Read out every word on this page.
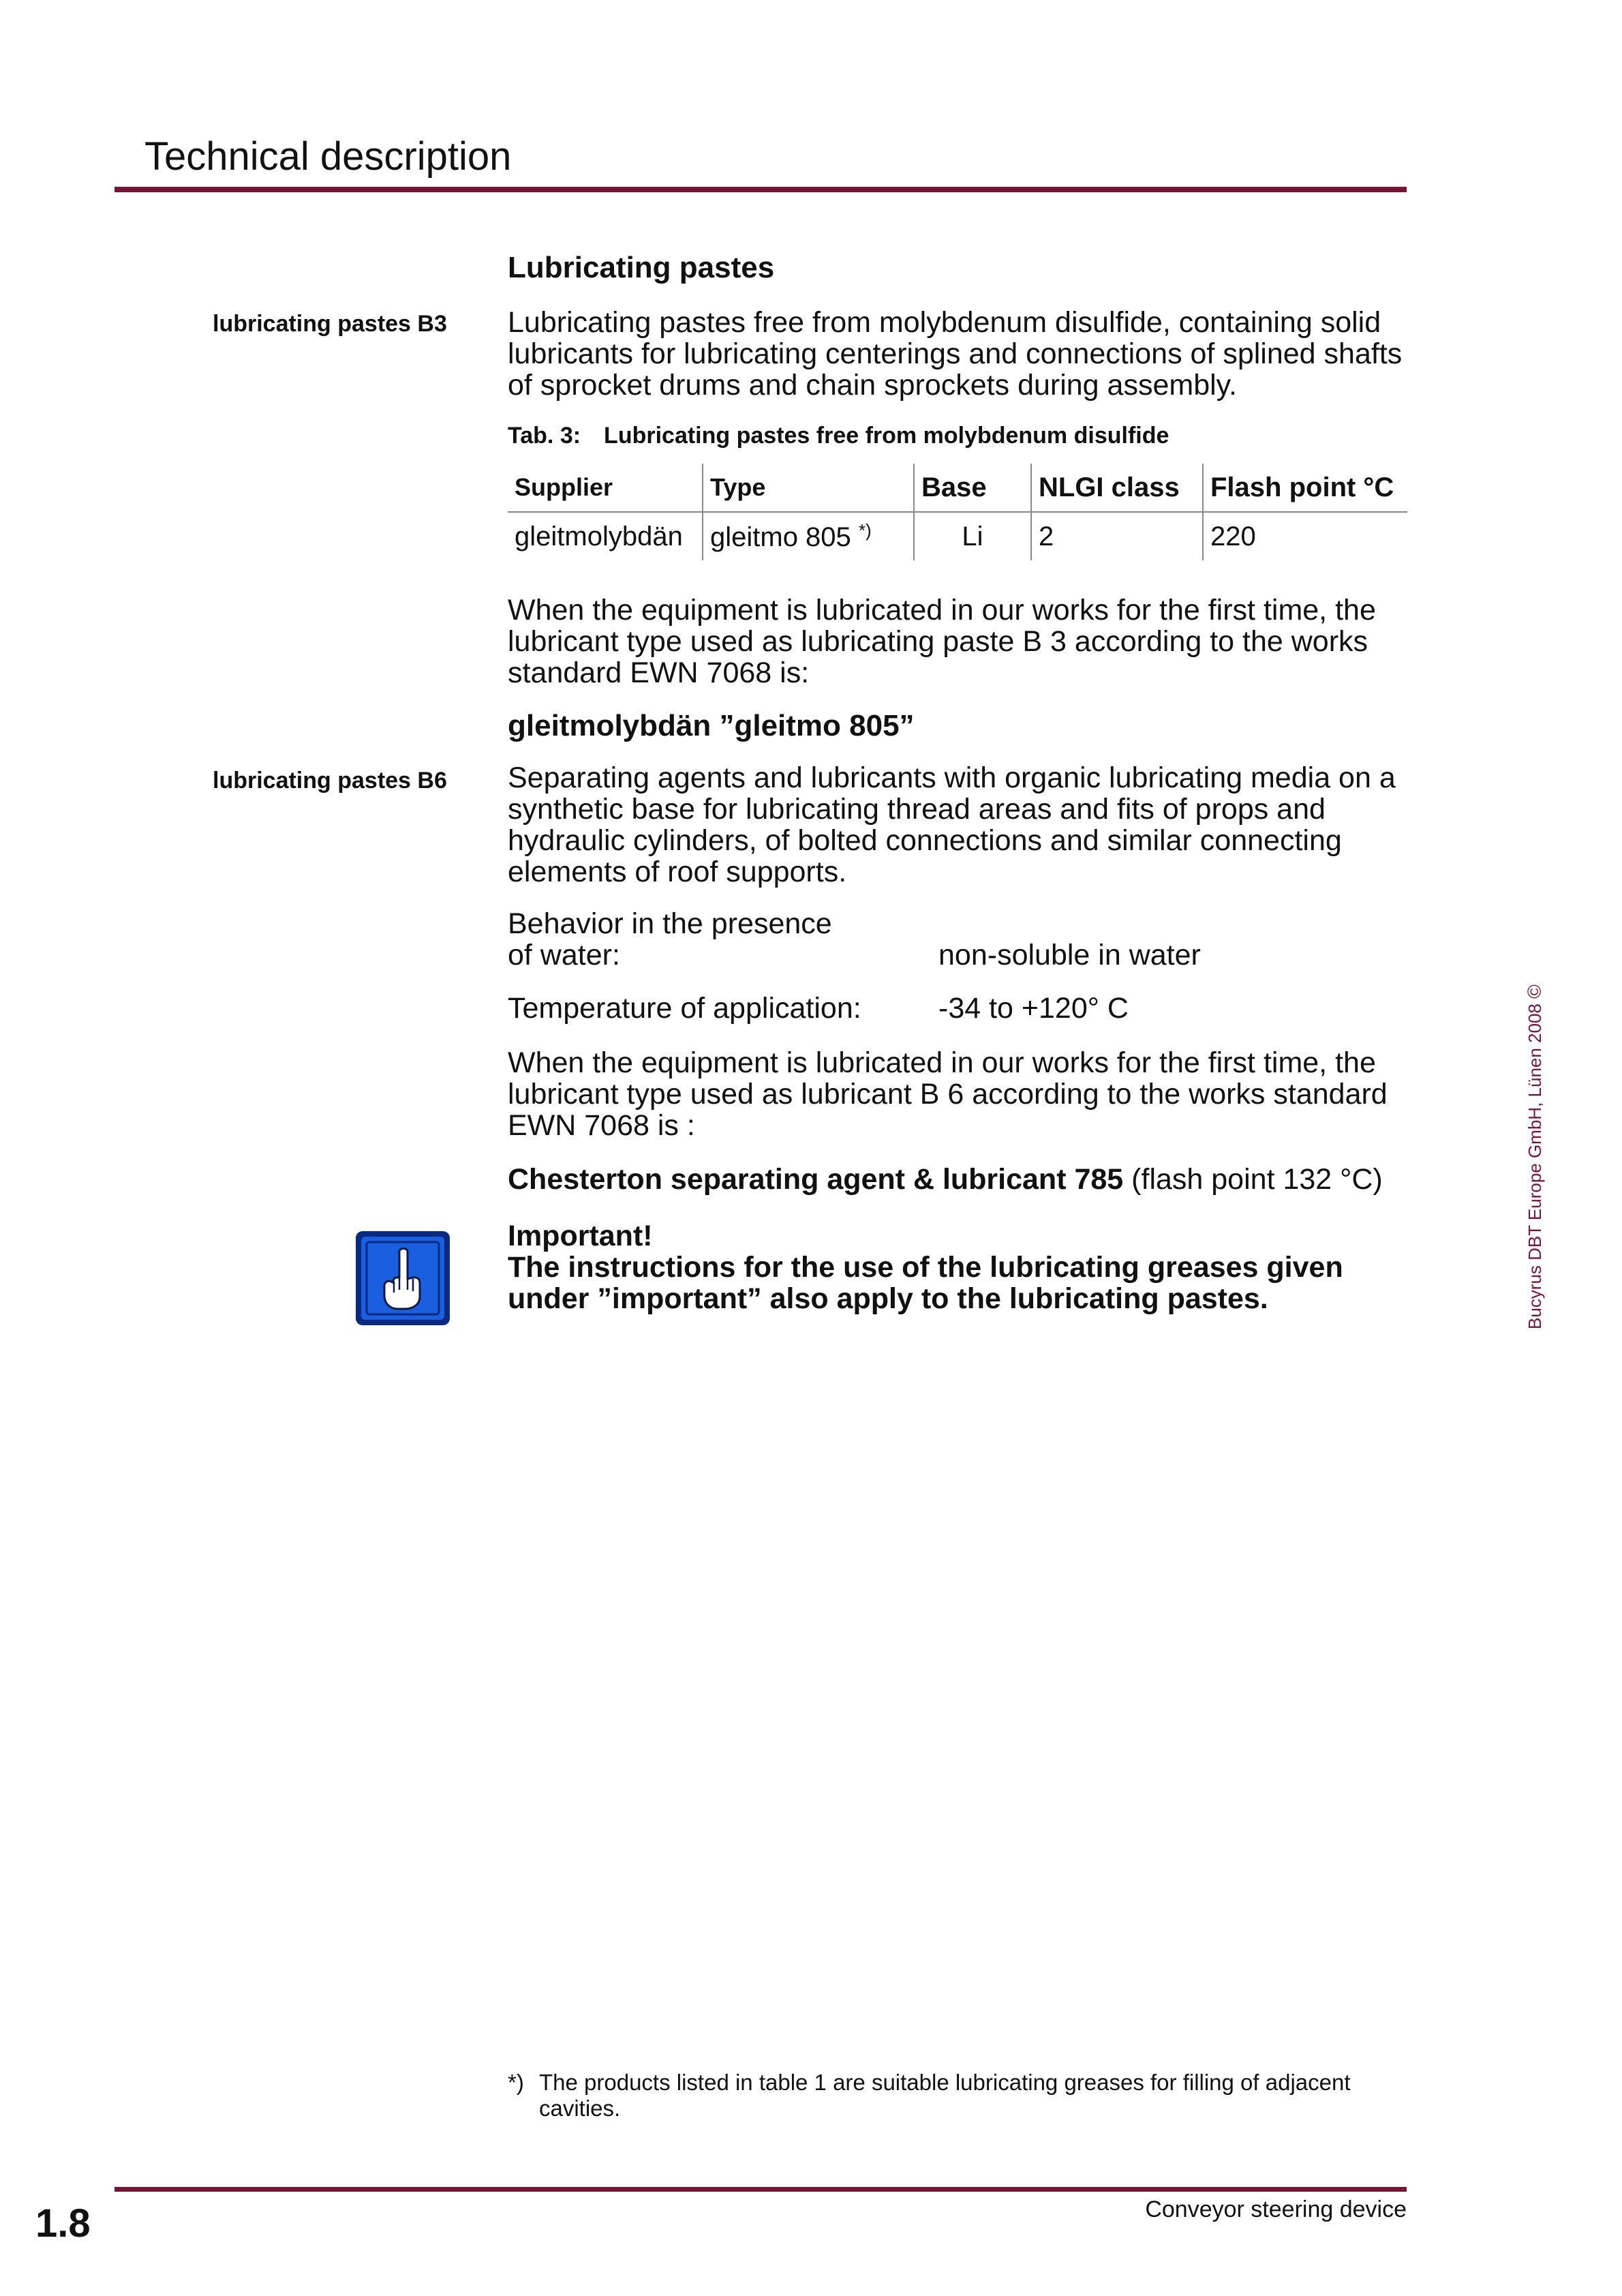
Technical description
Lubricating pastes
lubricating pastes B3 Lubricating pastes free from molybdenum disulfide, containing solid lubricants for lubricating centerings and connections of splined shafts of sprocket drums and chain sprockets during assembly.
Tab. 3: Lubricating pastes free from molybdenum disulfide
Supplier	Type	Base	NLGI class	Flash point °C
gleitmolybdän	gleitmo 805 *)	Li	2	220
When the equipment is lubricated in our works for the first time, the lubricant type used as lubricating paste B 3 according to the works standard EWN 7068 is:
gleitmolybdän ”gleitmo 805”
lubricating pastes B6 Separating agents and lubricants with organic lubricating media on a synthetic base for lubricating thread areas and fits of props and hydraulic cylinders, of bolted connections and similar connecting elements of roof supports.
Behavior in the presence
of water:	non-soluble in water
Temperature of application:	-34 to +120° C
When the equipment is lubricated in our works for the first time, the lubricant type used as lubricant B 6 according to the works standard EWN 7068 is :
Chesterton separating agent & lubricant 785 (flash point 132 °C)
Important!
The instructions for the use of the lubricating greases given under ”important” also apply to the lubricating pastes.	Bucyrus DBT Europe GmbH, Lünen 2008 ©
*) The products listed in table 1 are suitable lubricating greases for filling of adjacent cavities.
1.8	Conveyor steering device
